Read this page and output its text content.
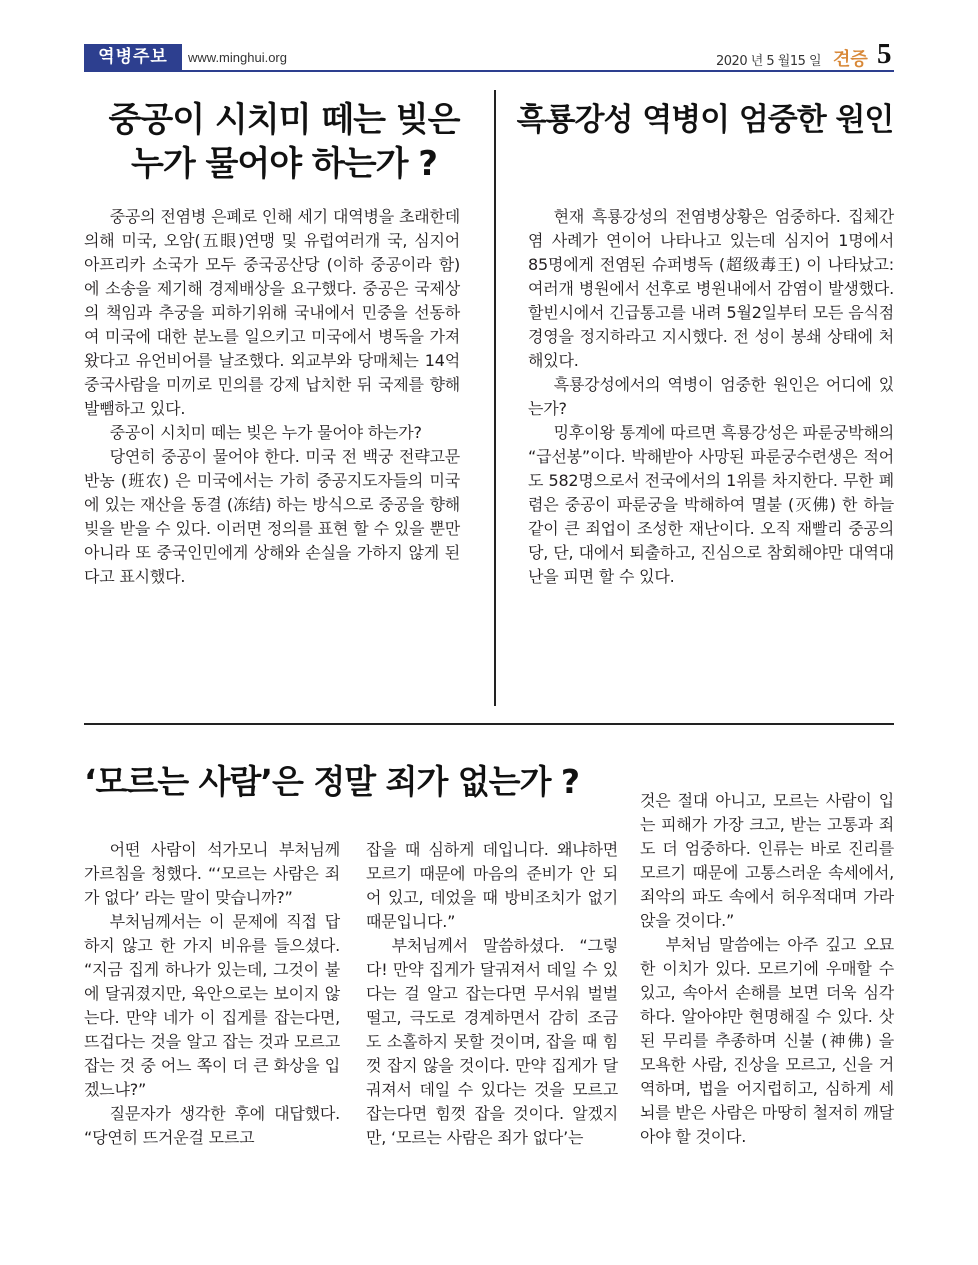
역병주보	www.minghui.org	2020 년 5 월15 일 견증 5
중공이 시치미 떼는 빚은
누가 물어야 하는가 ?

중공의 전염병 은폐로 인해 세기 대역병을 초래한데 의해 미국, 오암(五眼)연맹 및 유럽여러개 국, 심지어 아프리카 소국가 모두 중국공산당 (이하 중공이라 함) 에 소송을 제기해 경제배상을 요구했다. 중공은 국제상의 책임과 추궁을 피하기위해 국내에서 민중을 선동하여 미국에 대한 분노를 일으키고 미국에서 병독을 가져왔다고 유언비어를 날조했다. 외교부와 당매체는 14억 중국사람을 미끼로 민의를 강제 납치한 뒤 국제를 향해 발뺌하고 있다.

중공이 시치미 떼는 빚은 누가 물어야 하는가?

당연히 중공이 물어야 한다. 미국 전 백궁 전략고문 반농 (班农) 은 미국에서는 가히 중공지도자들의 미국에 있는 재산을 동결 (冻结) 하는 방식으로 중공을 향해 빚을 받을 수 있다. 이러면 정의를 표현 할 수 있을 뿐만아니라 또 중국인민에게 상해와 손실을 가하지 않게 된다고 표시했다.

흑룡강성 역병이 엄중한 원인

현재 흑룡강성의 전염병상황은 엄중하다. 집체간염 사례가 연이어 나타나고 있는데 심지어 1명에서 85명에게 전염된 슈퍼병독 (超级毒王) 이 나타났고: 여러개 병원에서 선후로 병원내에서 감염이 발생했다. 할빈시에서 긴급통고를 내려 5월2일부터 모든 음식점 경영을 정지하라고 지시했다. 전 성이 봉쇄 상태에 처해있다.

흑룡강성에서의 역병이 엄중한 원인은 어디에 있는가?

밍후이왕 통계에 따르면 흑룡강성은 파룬궁박해의 “급선봉”이다. 박해받아 사망된 파룬궁수련생은 적어도 582명으로서 전국에서의 1위를 차지한다. 무한 폐렴은 중공이 파룬궁을 박해하여 멸불 (灭佛) 한 하늘 같이 큰 죄업이 조성한 재난이다. 오직 재빨리 중공의 당, 단, 대에서 퇴출하고, 진심으로 참회해야만 대역대난을 피면 할 수 있다.

‘모르는 사람’은 정말 죄가 없는가 ?

어떤 사람이 석가모니 부처님께 가르침을 청했다. “‘모르는 사람은 죄가 없다’ 라는 말이 맞습니까?”

부처님께서는 이 문제에 직접 답하지 않고 한 가지 비유를 들으셨다. “지금 집게 하나가 있는데, 그것이 불에 달궈졌지만, 육안으로는 보이지 않는다. 만약 네가 이 집게를 잡는다면, 뜨겁다는 것을 알고 잡는 것과 모르고 잡는 것 중 어느 쪽이 더 큰 화상을 입겠느냐?”

질문자가 생각한 후에 대답했다. “당연히 뜨거운걸 모르고

잡을 때 심하게 데입니다. 왜냐하면 모르기 때문에 마음의 준비가 안 되어 있고, 데었을 때 방비조치가 없기 때문입니다.”

부처님께서 말씀하셨다. “그렇다! 만약 집게가 달궈져서 데일 수 있다는 걸 알고 잡는다면 무서워 벌벌 떨고, 극도로 경계하면서 감히 조금도 소홀하지 못할 것이며, 잡을 때 힘껏 잡지 않을 것이다. 만약 집게가 달궈져서 데일 수 있다는 것을 모르고 잡는다면 힘껏 잡을 것이다. 알겠지만, ‘모르는 사람은 죄가 없다’는

것은 절대 아니고, 모르는 사람이 입는 피해가 가장 크고, 받는 고통과 죄도 더 엄중하다. 인류는 바로 진리를 모르기 때문에 고통스러운 속세에서, 죄악의 파도 속에서 허우적대며 가라앉을 것이다.”

부처님 말씀에는 아주 깊고 오묘한 이치가 있다. 모르기에 우매할 수 있고, 속아서 손해를 보면 더욱 심각하다. 알아야만 현명해질 수 있다. 삿된 무리를 추종하며 신불 (神佛) 을 모욕한 사람, 진상을 모르고, 신을 거역하며, 법을 어지럽히고, 심하게 세뇌를 받은 사람은 마땅히 철저히 깨달아야 할 것이다.
